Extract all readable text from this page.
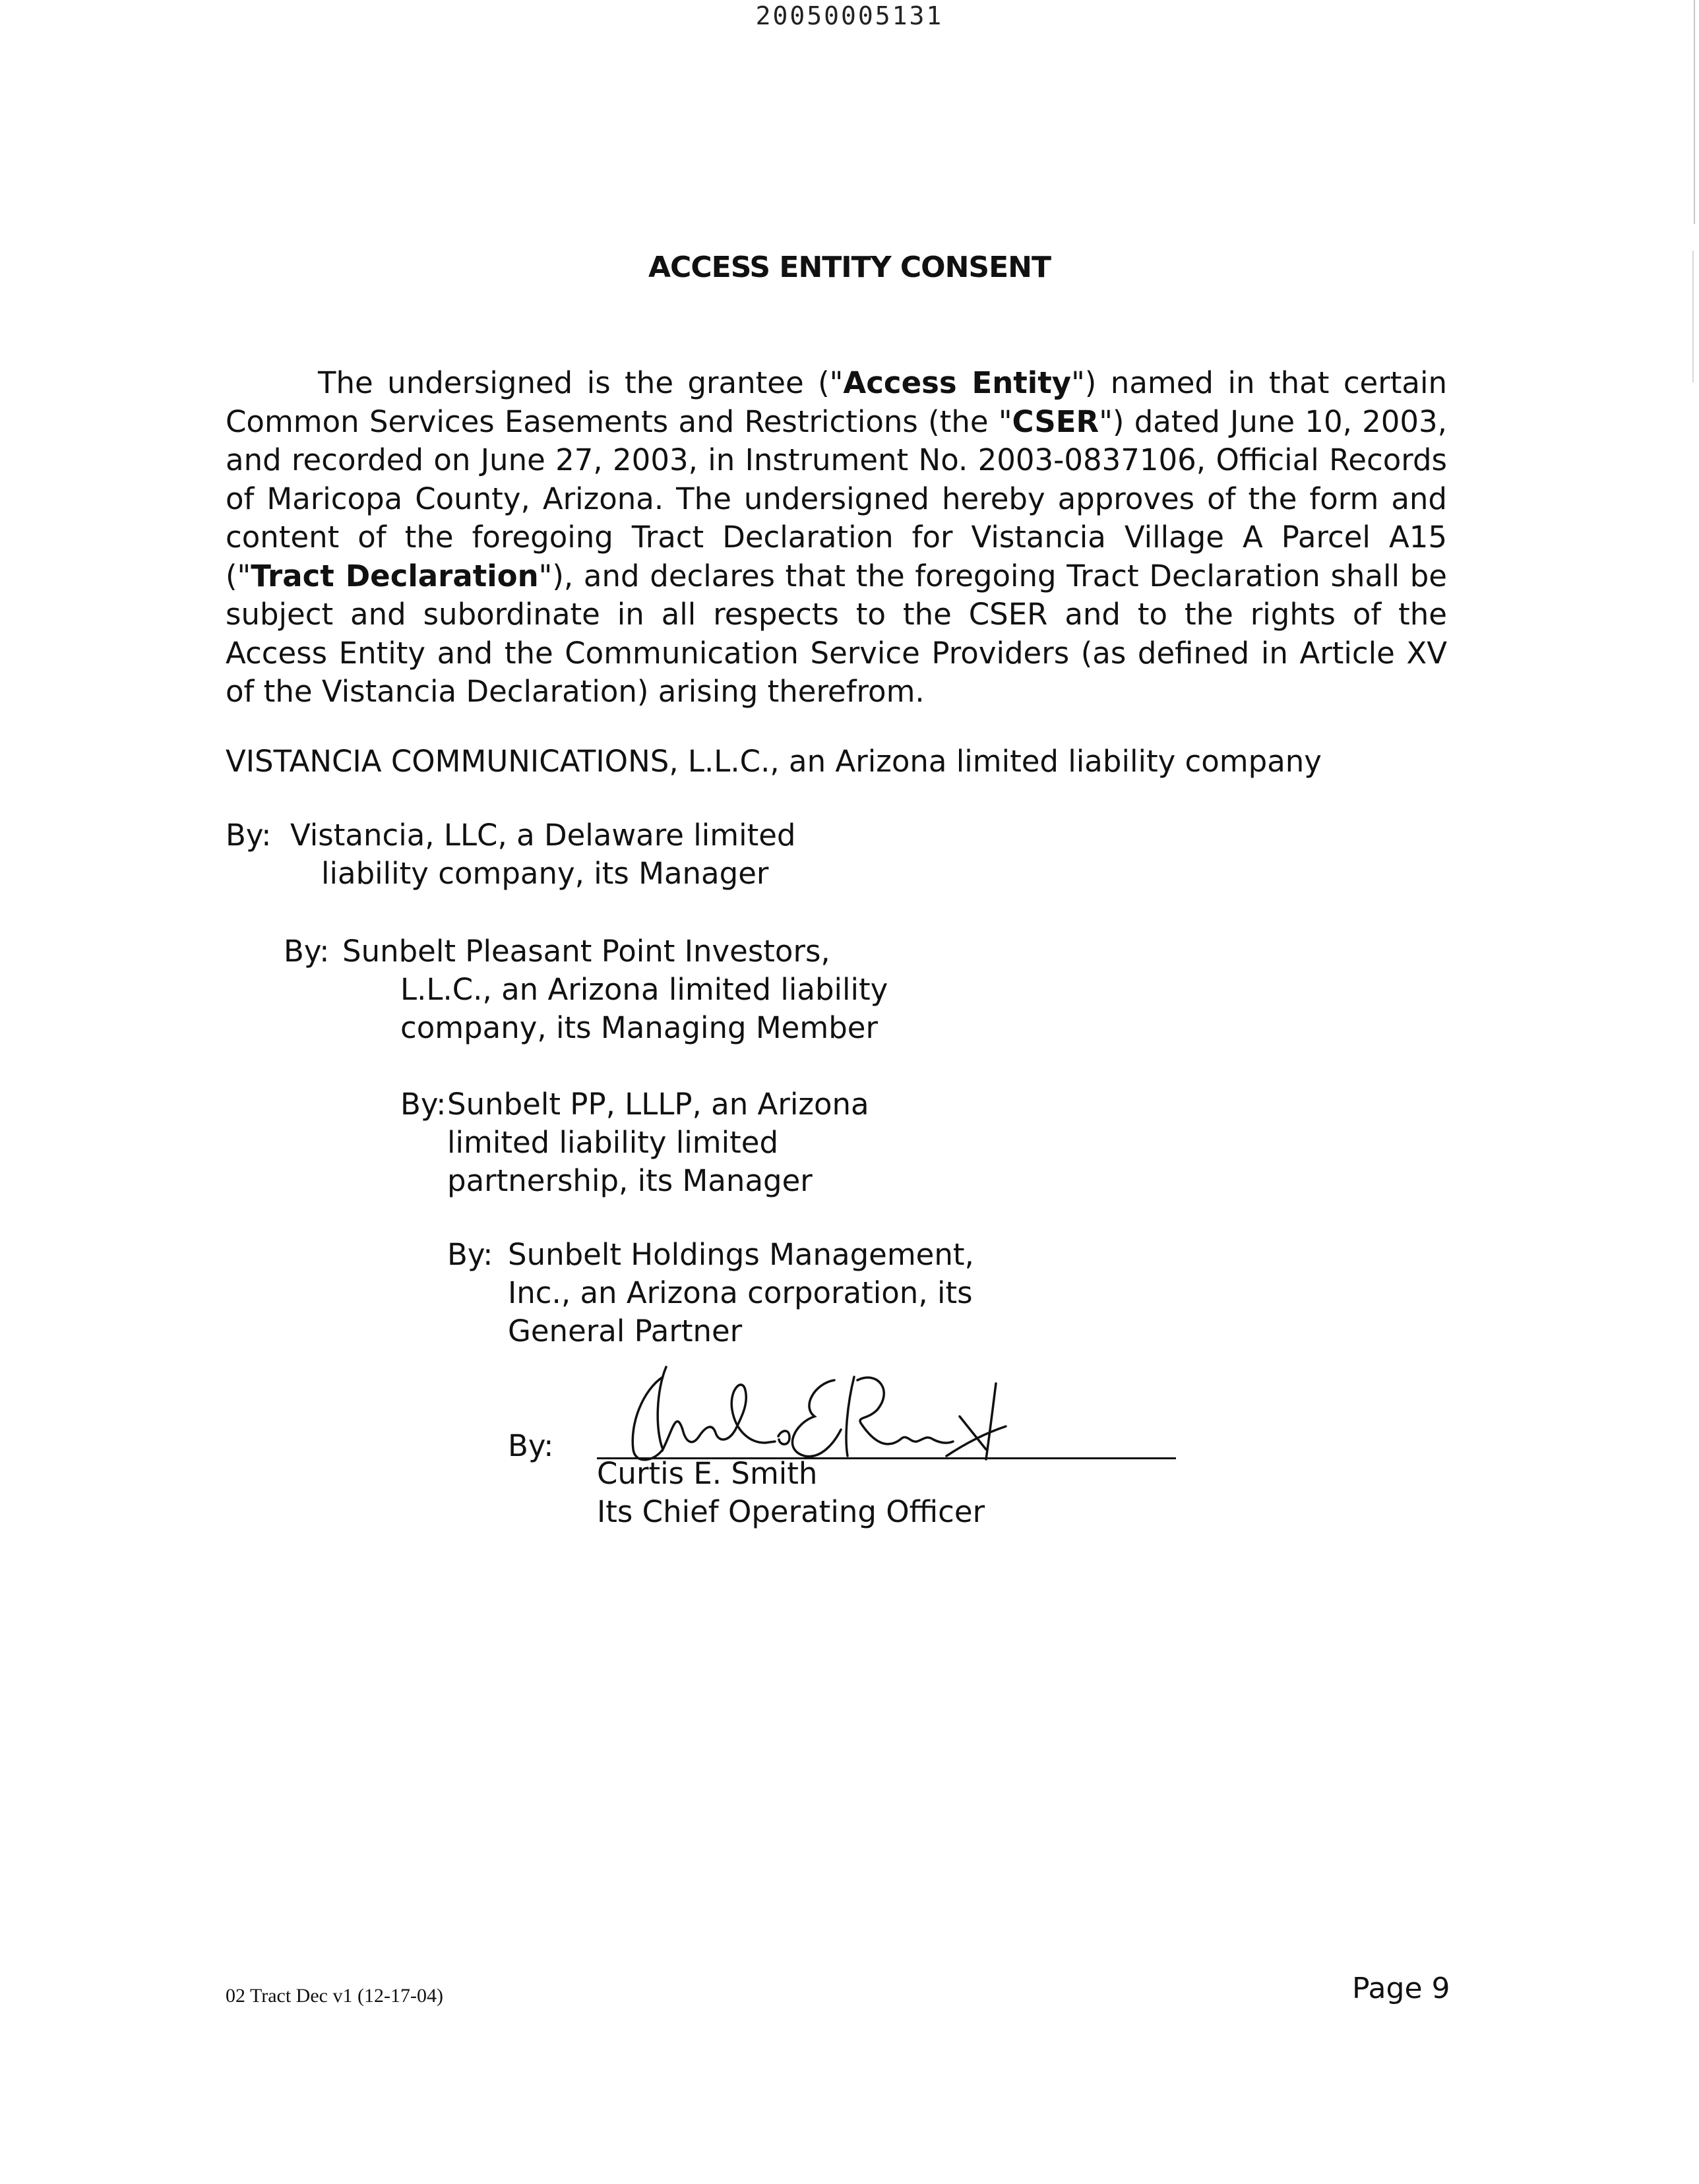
20050005131
ACCESS ENTITY CONSENT

The undersigned is the grantee ("Access Entity") named in that certain Common Services Easements and Restrictions (the "CSER") dated June 10, 2003, and recorded on June 27, 2003, in Instrument No. 2003-0837106, Official Records of Maricopa County, Arizona. The undersigned hereby approves of the form and content of the foregoing Tract Declaration for Vistancia Village A Parcel A15 ("Tract Declaration"), and declares that the foregoing Tract Declaration shall be subject and subordinate in all respects to the CSER and to the rights of the Access Entity and the Communication Service Providers (as defined in Article XV of the Vistancia Declaration) arising therefrom.

VISTANCIA COMMUNICATIONS, L.L.C., an Arizona limited liability company
By: Vistancia, LLC, a Delaware limited
liability company, its Manager
By: Sunbelt Pleasant Point Investors,
L.L.C., an Arizona limited liability
company, its Managing Member
By: Sunbelt PP, LLLP, an Arizona
limited liability limited
partnership, its Manager
By: Sunbelt Holdings Management,
Inc., an Arizona corporation, its
General Partner
By:
Curtis E. Smith
Its Chief Operating Officer
02 Tract Dec v1 (12-17-04)	Page 9
